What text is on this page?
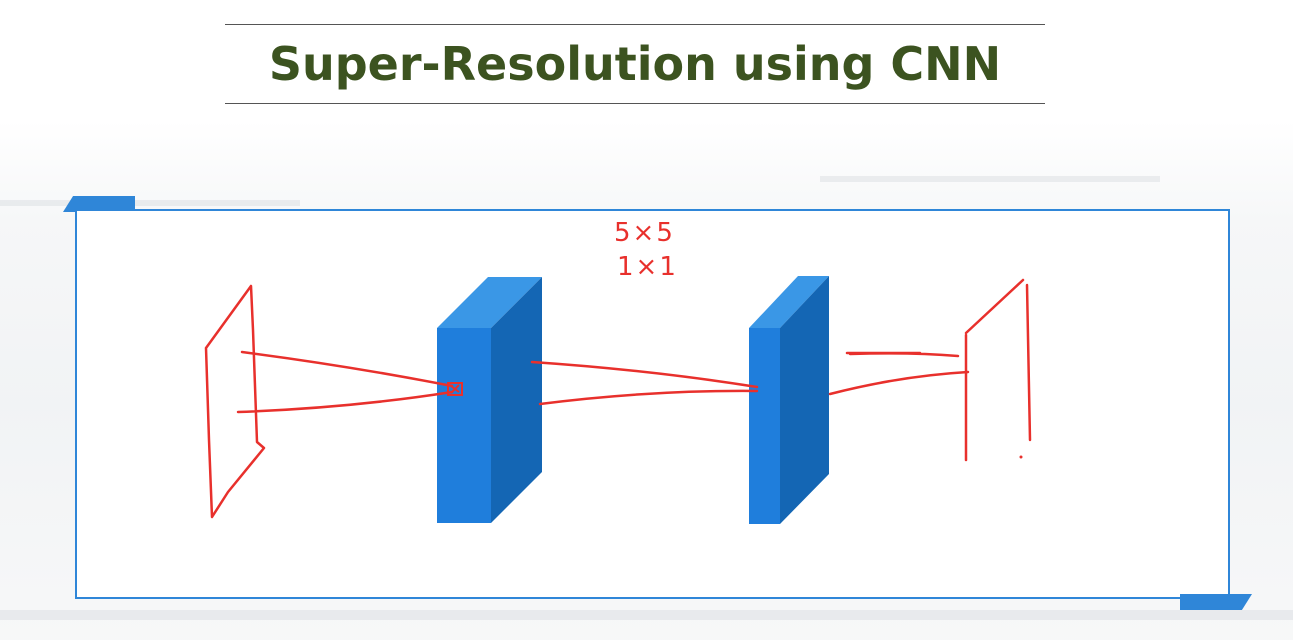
Super-Resolution using CNN
5×5
1×1
